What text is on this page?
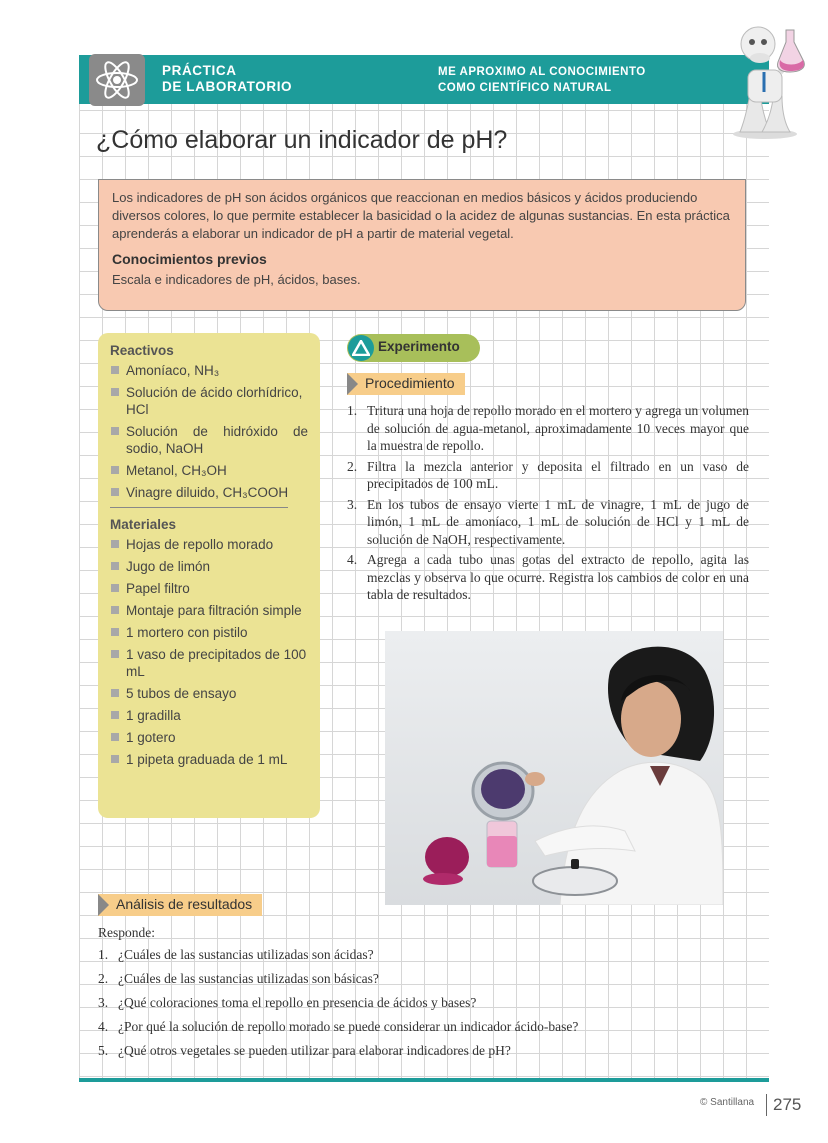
PRÁCTICA
DE LABORATORIO
ME APROXIMO AL CONOCIMIENTO
COMO CIENTÍFICO NATURAL
¿Cómo elaborar un indicador de pH?

Los indicadores de pH son ácidos orgánicos que reaccionan en medios básicos y ácidos produciendo diversos colores, lo que permite establecer la basicidad o la acidez de algunas sustancias. En esta práctica aprenderás a elaborar un indicador de pH a partir de material vegetal.

Conocimientos previos

Escala e indicadores de pH, ácidos, bases.

Reactivos
Amoníaco, NH₃
Solución de ácido clorhídrico, HCl
Solución de hidróxido de sodio, NaOH
Metanol, CH₃OH
Vinagre diluido, CH₃COOH
Materiales
Hojas de repollo morado
Jugo de limón
Papel filtro
Montaje para filtración simple
1 mortero con pistilo
1 vaso de precipitados de 100 mL
5 tubos de ensayo
1 gradilla
1 gotero
1 pipeta graduada de 1 mL
Experimento
Procedimiento
1. Tritura una hoja de repollo morado en el mortero y agrega un volumen de solución de agua-metanol, aproximadamente 10 veces mayor que la muestra de repollo.
2. Filtra la mezcla anterior y deposita el filtrado en un vaso de precipitados de 100 mL.
3. En los tubos de ensayo vierte 1 mL de vinagre, 1 mL de jugo de limón, 1 mL de amoníaco, 1 mL de solución de HCl y 1 mL de solución de NaOH, respectivamente.
4. Agrega a cada tubo unas gotas del extracto de repollo, agita las mezclas y observa lo que ocurre. Registra los cambios de color en una tabla de resultados.
Análisis de resultados
Responde:
1. ¿Cuáles de las sustancias utilizadas son ácidas?
2. ¿Cuáles de las sustancias utilizadas son básicas?
3. ¿Qué coloraciones toma el repollo en presencia de ácidos y bases?
4. ¿Por qué la solución de repollo morado se puede considerar un indicador ácido-base?
5. ¿Qué otros vegetales se pueden utilizar para elaborar indicadores de pH?
© Santillana 275
